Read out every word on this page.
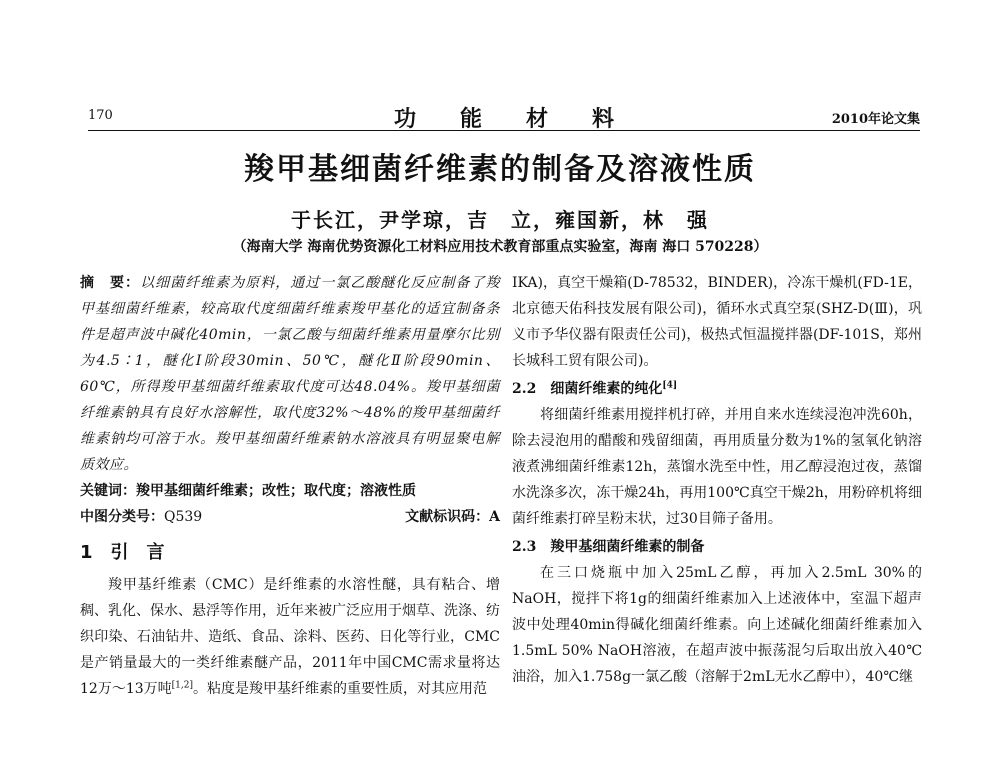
170	功能材料	2010年论文集
羧甲基细菌纤维素的制备及溶液性质
于长江，尹学琼，吉　立，雍国新，林　强
（海南大学 海南优势资源化工材料应用技术教育部重点实验室，海南 海口 570228）
摘　要：以细菌纤维素为原料，通过一氯乙酸醚化反应制备了羧甲基细菌纤维素，较高取代度细菌纤维素羧甲基化的适宜制备条件是超声波中碱化40min，一氯乙酸与细菌纤维素用量摩尔比别为4.5∶1，醚化Ⅰ阶段30min、50℃，醚化Ⅱ阶段90min、60℃，所得羧甲基细菌纤维素取代度可达48.04%。羧甲基细菌纤维素钠具有良好水溶解性，取代度32%～48%的羧甲基细菌纤维素钠均可溶于水。羧甲基细菌纤维素钠水溶液具有明显聚电解质效应。
关键词：羧甲基细菌纤维素；改性；取代度；溶液性质
中图分类号：Q539	文献标识码：A
1　引　言

羧甲基纤维素（CMC）是纤维素的水溶性醚，具有粘合、增稠、乳化、保水、悬浮等作用，近年来被广泛应用于烟草、洗涤、纺织印染、石油钻井、造纸、食品、涂料、医药、日化等行业，CMC是产销量最大的一类纤维素醚产品，2011年中国CMC需求量将达12万～13万吨[1,2]。粘度是羧甲基纤维素的重要性质，对其应用范

IKA)，真空干燥箱(D-78532，BINDER)，冷冻干燥机(FD-1E，北京德天佑科技发展有限公司)，循环水式真空泵(SHZ-D(Ⅲ)，巩义市予华仪器有限责任公司)，极热式恒温搅拌器(DF-101S，郑州长城科工贸有限公司)。

2.2　细菌纤维素的纯化[4]

将细菌纤维素用搅拌机打碎，并用自来水连续浸泡冲洗60h，除去浸泡用的醋酸和残留细菌，再用质量分数为1%的氢氧化钠溶液煮沸细菌纤维素12h，蒸馏水洗至中性，用乙醇浸泡过夜，蒸馏水洗涤多次，冻干燥24h，再用100℃真空干燥2h，用粉碎机将细菌纤维素打碎呈粉末状，过30目筛子备用。

2.3　羧甲基细菌纤维素的制备

在三口烧瓶中加入25mL乙醇，再加入2.5mL 30%的NaOH，搅拌下将1g的细菌纤维素加入上述液体中，室温下超声波中处理40min得碱化细菌纤维素。向上述碱化细菌纤维素加入1.5mL 50% NaOH溶液，在超声波中振荡混匀后取出放入40℃油浴，加入1.758g一氯乙酸（溶解于2mL无水乙醇中），40℃继
